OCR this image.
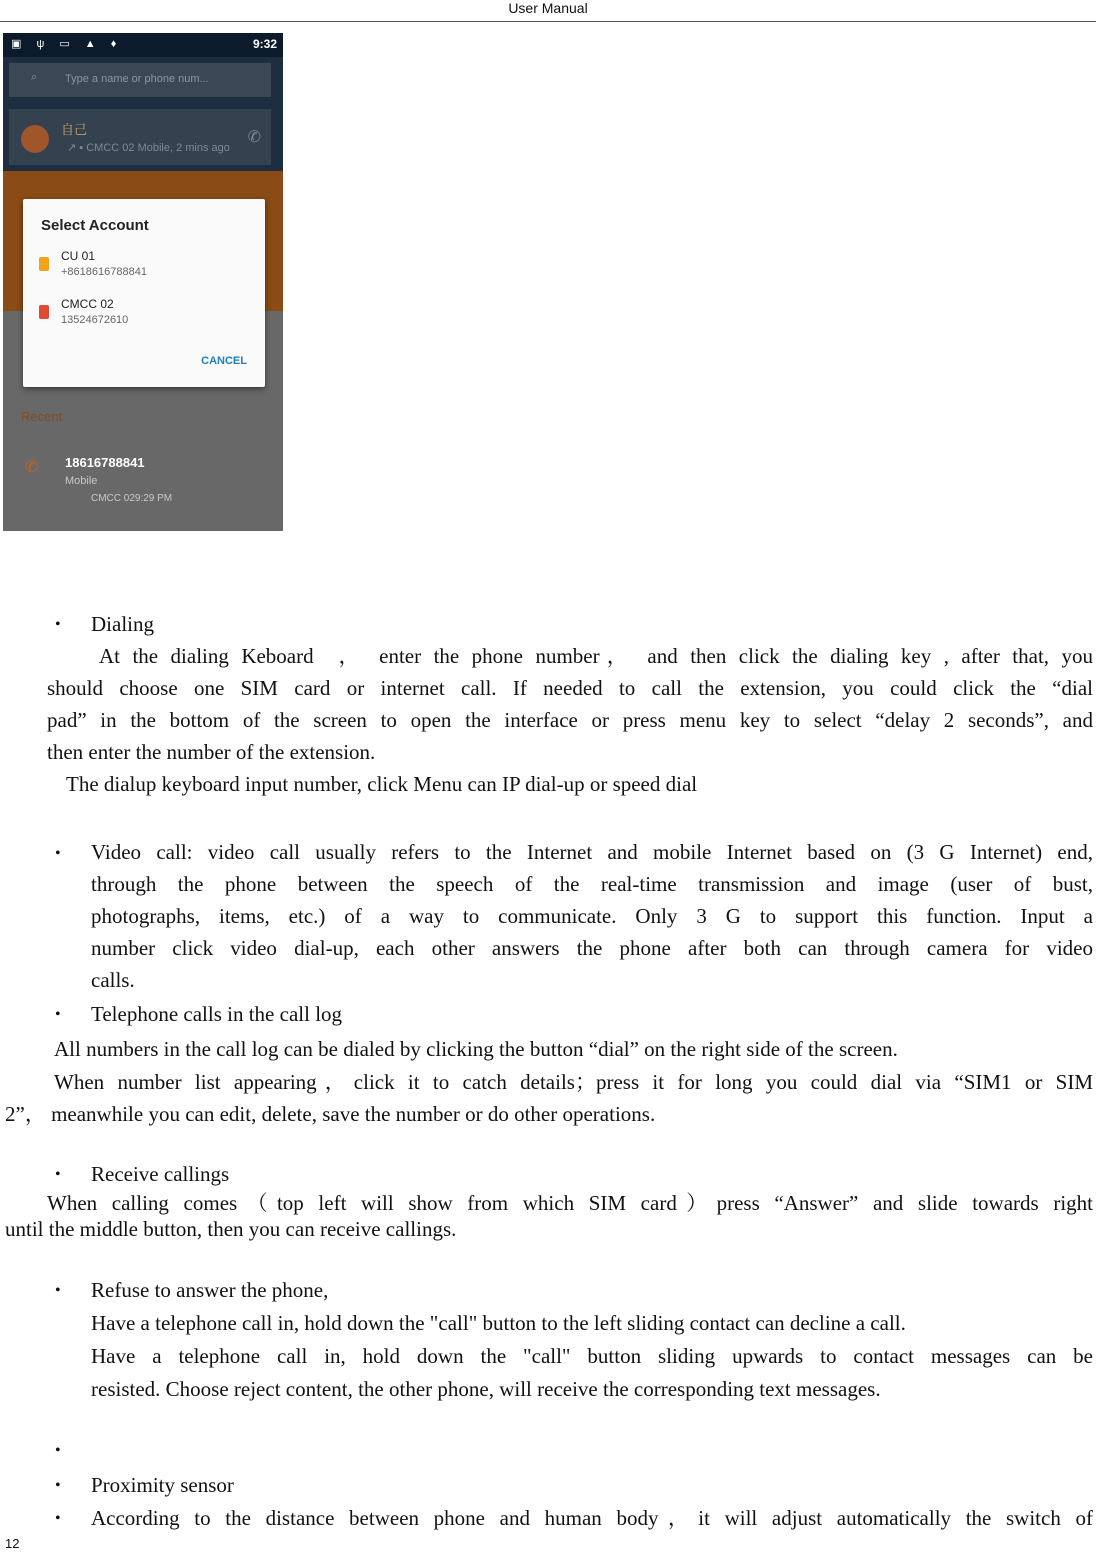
User Manual
▣ ψ ▭ ▲ ♦	9:32
⌕	Type a name or phone num...
自己
↗ ▪ CMCC 02 Mobile, 2 mins ago
✆
Recent
✆ 18616788841
Mobile
CMCC 029:29 PM
Select Account
CU 01
+8618616788841
CMCC 02
13524672610
CANCEL
• Dialing
At the dialing Keboard  ， enter the phone number， and then click the dialing key , after that, you
should choose one SIM card or internet call. If needed to call the extension, you could click the “dial
pad” in the bottom of the screen to open the interface or press menu key to select “delay 2 seconds”, and
then enter the number of the extension.
The dialup keyboard input number, click Menu can IP dial-up or speed dial
• Video call: video call usually refers to the Internet and mobile Internet based on (3 G Internet) end,
through the phone between the speech of the real-time transmission and image (user of bust,
photographs, items, etc.) of a way to communicate. Only 3 G to support this function. Input a
number click video dial-up, each other answers the phone after both can through camera for video
calls.
• Telephone calls in the call log
All numbers in the call log can be dialed by clicking the button “dial” on the right side of the screen.
When number list appearing，click it to catch details；press it for long you could dial via “SIM1 or SIM
2”， meanwhile you can edit, delete, save the number or do other operations.
• Receive callings
When calling comes（top left will show from which SIM card）press “Answer” and slide towards right
until the middle button, then you can receive callings.
• Refuse to answer the phone,
Have a telephone call in, hold down the "call" button to the left sliding contact can decline a call.
Have a telephone call in, hold down the "call" button sliding upwards to contact messages can be
resisted. Choose reject content, the other phone, will receive the corresponding text messages.
•
• Proximity sensor
• According to the distance between phone and human body，it will adjust automatically the switch of
12
